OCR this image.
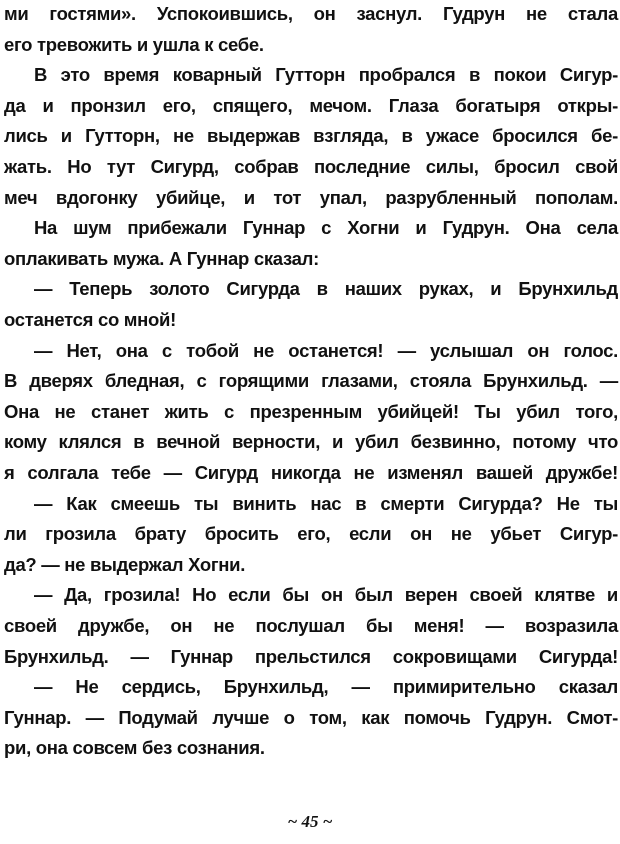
ми гостями». Успокоившись, он заснул. Гудрун не стала
его тревожить и ушла к себе.
В это время коварный Гутторн пробрался в покои Сигур-
да и пронзил его, спящего, мечом. Глаза богатыря откры-
лись и Гутторн, не выдержав взгляда, в ужасе бросился бе-
жать. Но тут Сигурд, собрав последние силы, бросил свой
меч вдогонку убийце, и тот упал, разрубленный пополам.
На шум прибежали Гуннар с Хогни и Гудрун. Она села
оплакивать мужа. А Гуннар сказал:
— Теперь золото Сигурда в наших руках, и Брунхильд
останется со мной!
— Нет, она с тобой не останется! — услышал он голос.
В дверях бледная, с горящими глазами, стояла Брунхильд. —
Она не станет жить с презренным убийцей! Ты убил того,
кому клялся в вечной верности, и убил безвинно, потому что
я солгала тебе — Сигурд никогда не изменял вашей дружбе!
— Как смеешь ты винить нас в смерти Сигурда? Не ты
ли грозила брату бросить его, если он не убьет Сигур-
да? — не выдержал Хогни.
— Да, грозила! Но если бы он был верен своей клятве и
своей дружбе, он не послушал бы меня! — возразила
Брунхильд. — Гуннар прельстился сокровищами Сигурда!
— Не сердись, Брунхильд, — примирительно сказал
Гуннар. — Подумай лучше о том, как помочь Гудрун. Смот-
ри, она совсем без сознания.
~ 45 ~
